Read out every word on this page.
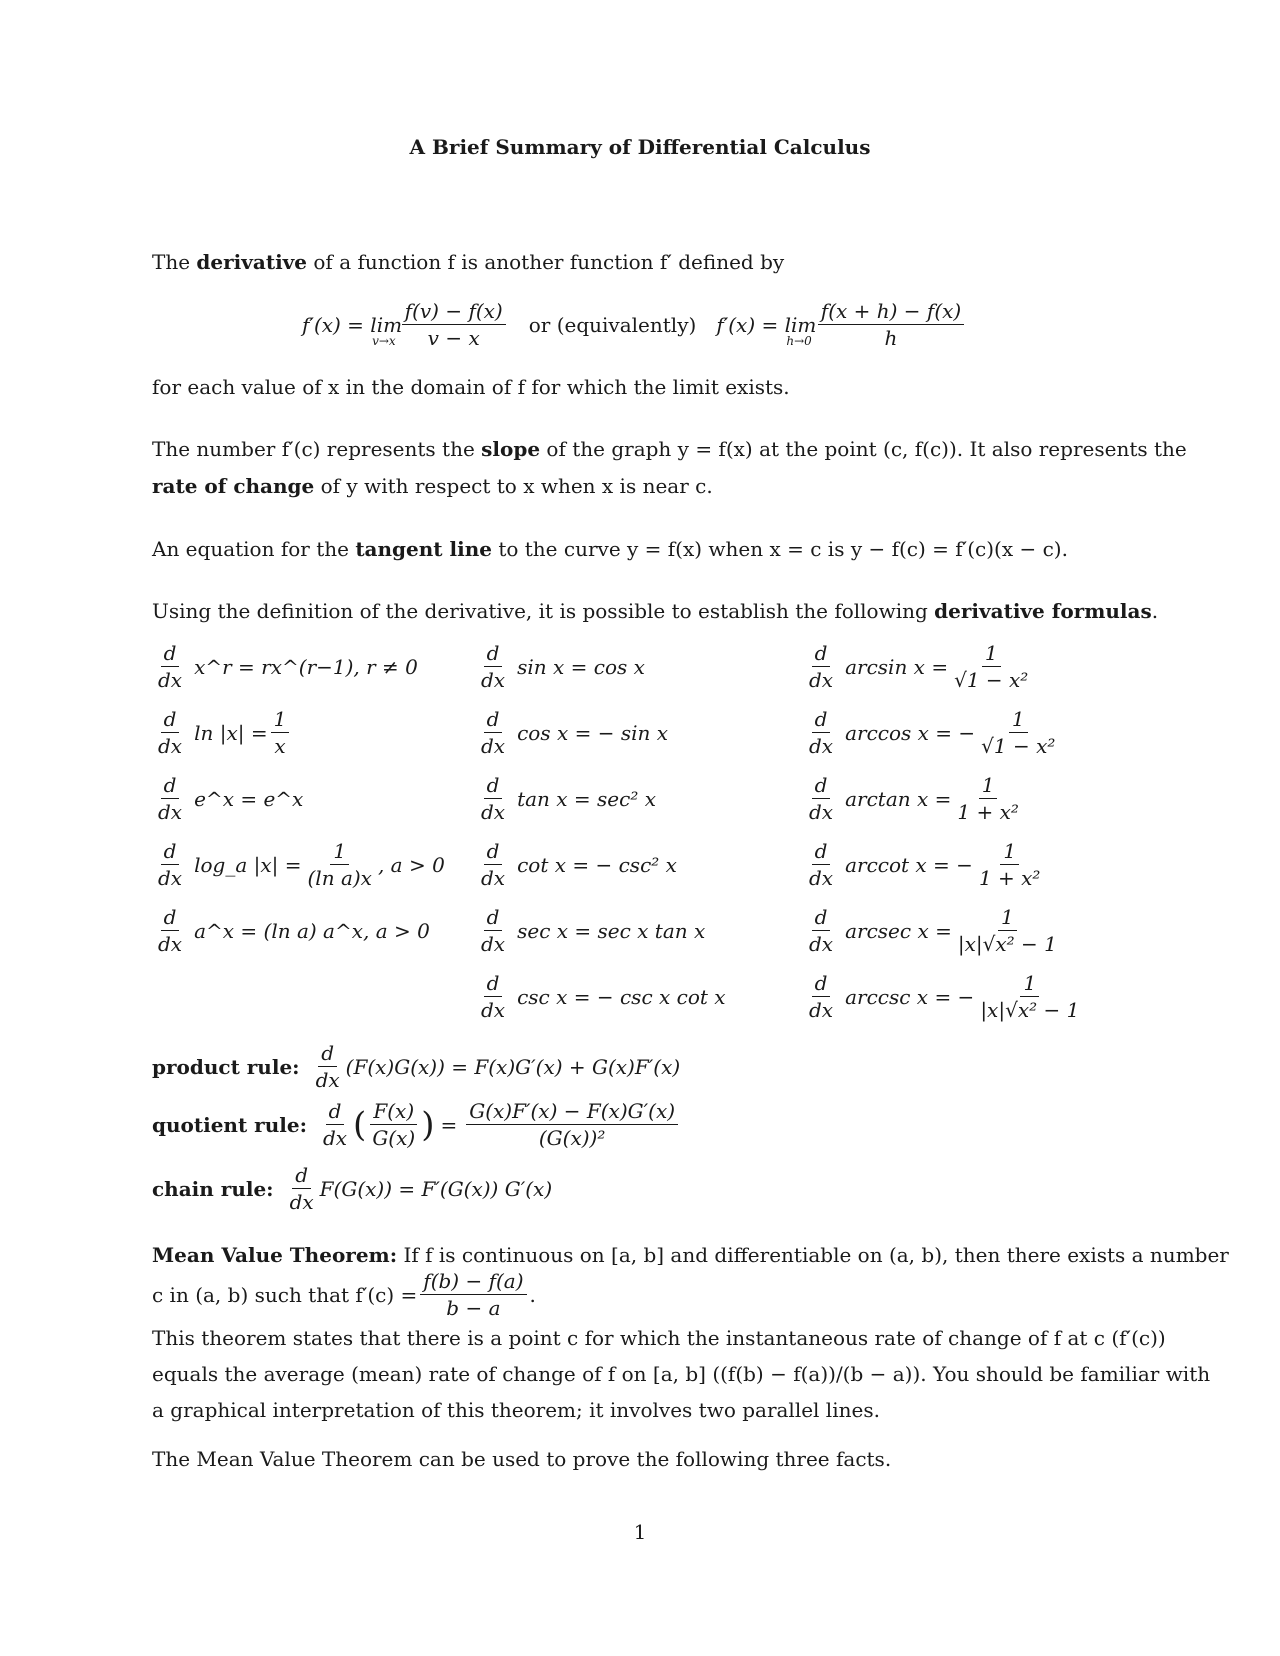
A Brief Summary of Differential Calculus
The derivative of a function f is another function f′ defined by
f′(x) = lim
$v\to x \frac{f(v) - f(x)}{v - x}$ or (equivalently) f′(x) = lim
$h\to 0 \frac{f(x + h) - f(x)}{h}$
for each value of x in the domain of f for which the limit exists.
The number f′(c) represents the slope of the graph y = f(x) at the point (c, f(c)). It also represents the
rate of change of y with respect to x when x is near c.
An equation for the tangent line to the curve y = f(x) when x = c is y − f(c) = f′(c)(x − c).
Using the definition of the derivative, it is possible to establish the following derivative formulas.
$\frac{d}{dx}$ x^r = rx^(r−1), r ≠ 0
$\frac{d}{dx}$ $\ln |x| = \frac{1}{x}$
$\frac{d}{dx}$ e^x = e^x
$\frac{d}{dx}$ log_a $|x| = \frac{1}{\text{(ln a)x}}$ , a > 0
$\frac{d}{dx}$ a^x = (ln a) a^x, a > 0
$\frac{d}{dx}$ sin x = cos x
$\frac{d}{dx}$ cos x = − sin x
$\frac{d}{dx}$ tan x = sec² x
$\frac{d}{dx}$ cot x = − csc² x
$\frac{d}{dx}$ sec x = sec x tan x
$\frac{d}{dx}$ csc x = − csc x cot x
$\frac{d}{dx}$ $\arcsin x = \frac{1}{\text{√1 − x²}}$
$\frac{d}{dx}$ arccos x = − $\frac{1}{\text{√1 − x²}}$
$\frac{d}{dx}$ $\arctan x = \frac{1}{\text{1 + x²}}$
$\frac{d}{dx}$ arccot x = − $\frac{1}{\text{1 + x²}}$
$\frac{d}{dx}$ arcsec $x = \frac{1}{\text{|x|√x² − 1}}$
$\frac{d}{dx}$ arccsc x = − $\frac{1}{\text{|x|√x² − 1}}$
product rule: $\frac{d}{dx} (F(x)G(x)) = F(x)G'(x) + G(x)F'(x)$
quotient rule: $\frac{d}{dx}$ ( $\frac{F(x)}{G(x)}$ ) = $\frac{G(x)F'(x) - F(x)G'(x)}{\text{(G(x))²}}$
chain rule: $\frac{d}{dx} F(G(x)) = F'(G(x))$ G′(x)
Mean Value Theorem: If f is continuous on [a, b] and differentiable on (a, b), then there exists a number
c in (a, b) such that $f'(c) = \frac{f(b) - f(a)}{b - a}$ .
This theorem states that there is a point c for which the instantaneous rate of change of f at c (f′(c))
equals the average (mean) rate of change of f on [a, b] ((f(b) − f(a))/(b − a)). You should be familiar with
a graphical interpretation of this theorem; it involves two parallel lines.
The Mean Value Theorem can be used to prove the following three facts.
1
